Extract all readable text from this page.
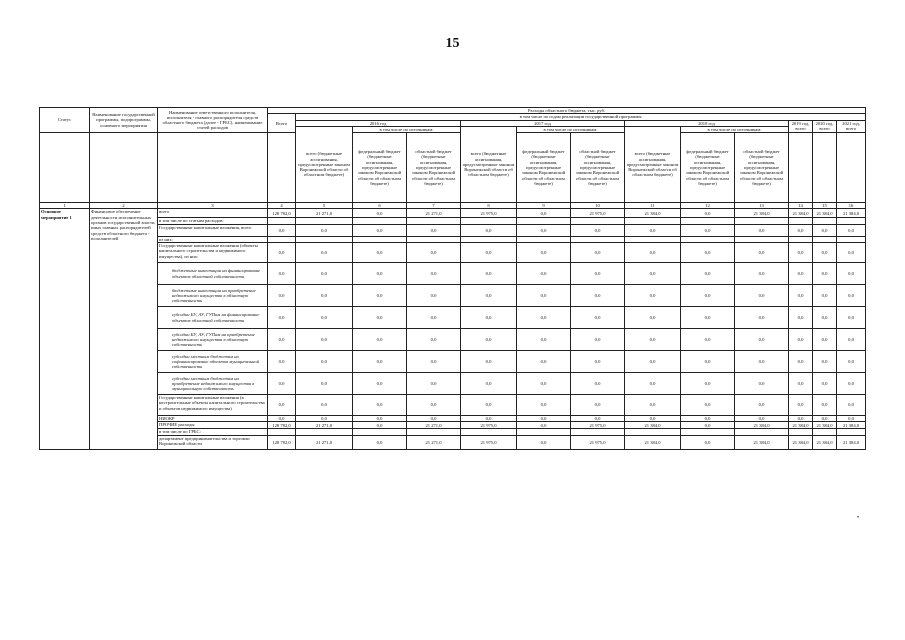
15
Статус	Наименование государственной программы, подпрограммы, основного мероприятия	Наименование ответственного исполнителя, исполнителя - главного распорядителя средств областного бюджета (далее - ГРБС), наименование статей расходов	Расходы областного бюджета, тыс. руб.												
			Всего	в том числе по годам реализации государственной программы											
				2016 год			2017 год			2018 год			2019 год, всего	2020 год, всего	2021 год, всего
				всего (бюджетные ассигнования, предусмотренные законом Воронежской области об областном бюджете)	в том числе по источникам:		всего (бюджетные ассигнования, предусмотренные законом Воронежской области об областном бюджете)	в том числе по источникам:		всего (бюджетные ассигнования, предусмотренные законом Воронежской области об областном бюджете)	в том числе по источникам:				
					федеральный бюджет (бюджетные ассигнования, предусмотренные законом Воронежской области об областном бюджете)	областной бюджет (бюджетные ассигнования, предусмотренные законом Воронежской области об областном бюджете)		федеральный бюджет (бюджетные ассигнования, предусмотренные законом Воронежской области об областном бюджете)	областной бюджет (бюджетные ассигнования, предусмотренные законом Воронежской области об областном бюджете)		федеральный бюджет (бюджетные ассигнования, предусмотренные законом Воронежской области об областном бюджете)	областной бюджет (бюджетные ассигнования, предусмотренные законом Воронежской области об областном бюджете)			
1	2	3	4	5	6	7	8	9	10	11	12	13	14	15	16
Основное мероприятие 1	Финансовое обеспечение деятельности исполнительных органов государственной власти, иных главных распорядителей средств областного бюджета - исполнителей	всего	128 782,0	21 271,0	0,0	21 271,0	21 975,0	0,0	21 975,0	21 384,0	0,0	21 384,0	21 384,0	21 384,0	21 384,0
		в том числе по статьям расходов:													
		Государственные капитальные вложения, всего	0,0	0,0	0,0	0,0	0,0	0,0	0,0	0,0	0,0	0,0	0,0	0,0	0,0
		из них:													
		Государственные капитальные вложения (объекты капитального строительства и недвижимого имущества), из них:	0,0	0,0	0,0	0,0	0,0	0,0	0,0	0,0	0,0	0,0	0,0	0,0	0,0
		бюджетные инвестиции на финансирование объектов областной собственности	0,0	0,0	0,0	0,0	0,0	0,0	0,0	0,0	0,0	0,0	0,0	0,0	0,0
		бюджетные инвестиции на приобретение недвижимого имущества в областную собственность	0,0	0,0	0,0	0,0	0,0	0,0	0,0	0,0	0,0	0,0	0,0	0,0	0,0
		субсидии БУ, АУ, ГУПам на финансирование объектов областной собственности	0,0	0,0	0,0	0,0	0,0	0,0	0,0	0,0	0,0	0,0	0,0	0,0	0,0
		субсидии БУ, АУ, ГУПам на приобретение недвижимого имущества в областную собственность	0,0	0,0	0,0	0,0	0,0	0,0	0,0	0,0	0,0	0,0	0,0	0,0	0,0
		субсидии местным бюджетам на софинансирование объектов муниципальной собственности	0,0	0,0	0,0	0,0	0,0	0,0	0,0	0,0	0,0	0,0	0,0	0,0	0,0
		субсидии местным бюджетам на приобретение недвижимого имущества в муниципальную собственность	0,0	0,0	0,0	0,0	0,0	0,0	0,0	0,0	0,0	0,0	0,0	0,0	0,0
		Государственные капитальные вложения (в нестроительные объекты капитального строительства и объектов недвижимого имущества)	0,0	0,0	0,0	0,0	0,0	0,0	0,0	0,0	0,0	0,0	0,0	0,0	0,0
		НИОКР	0,0	0,0	0,0	0,0	0,0	0,0	0,0	0,0	0,0	0,0	0,0	0,0	0,0
		ПРОЧИЕ расходы	128 782,0	21 271,0	0,0	21 271,0	21 975,0	0,0	21 975,0	21 384,0	0,0	21 384,0	21 384,0	21 384,0	21 384,0
		в том числе по ГРБС:													
		департамент предпринимательства и торговли Воронежской области	128 782,0	21 271,0	0,0	21 271,0	21 975,0	0,0	21 975,0	21 384,0	0,0	21 384,0	21 384,0	21 384,0	21 384,0
•
